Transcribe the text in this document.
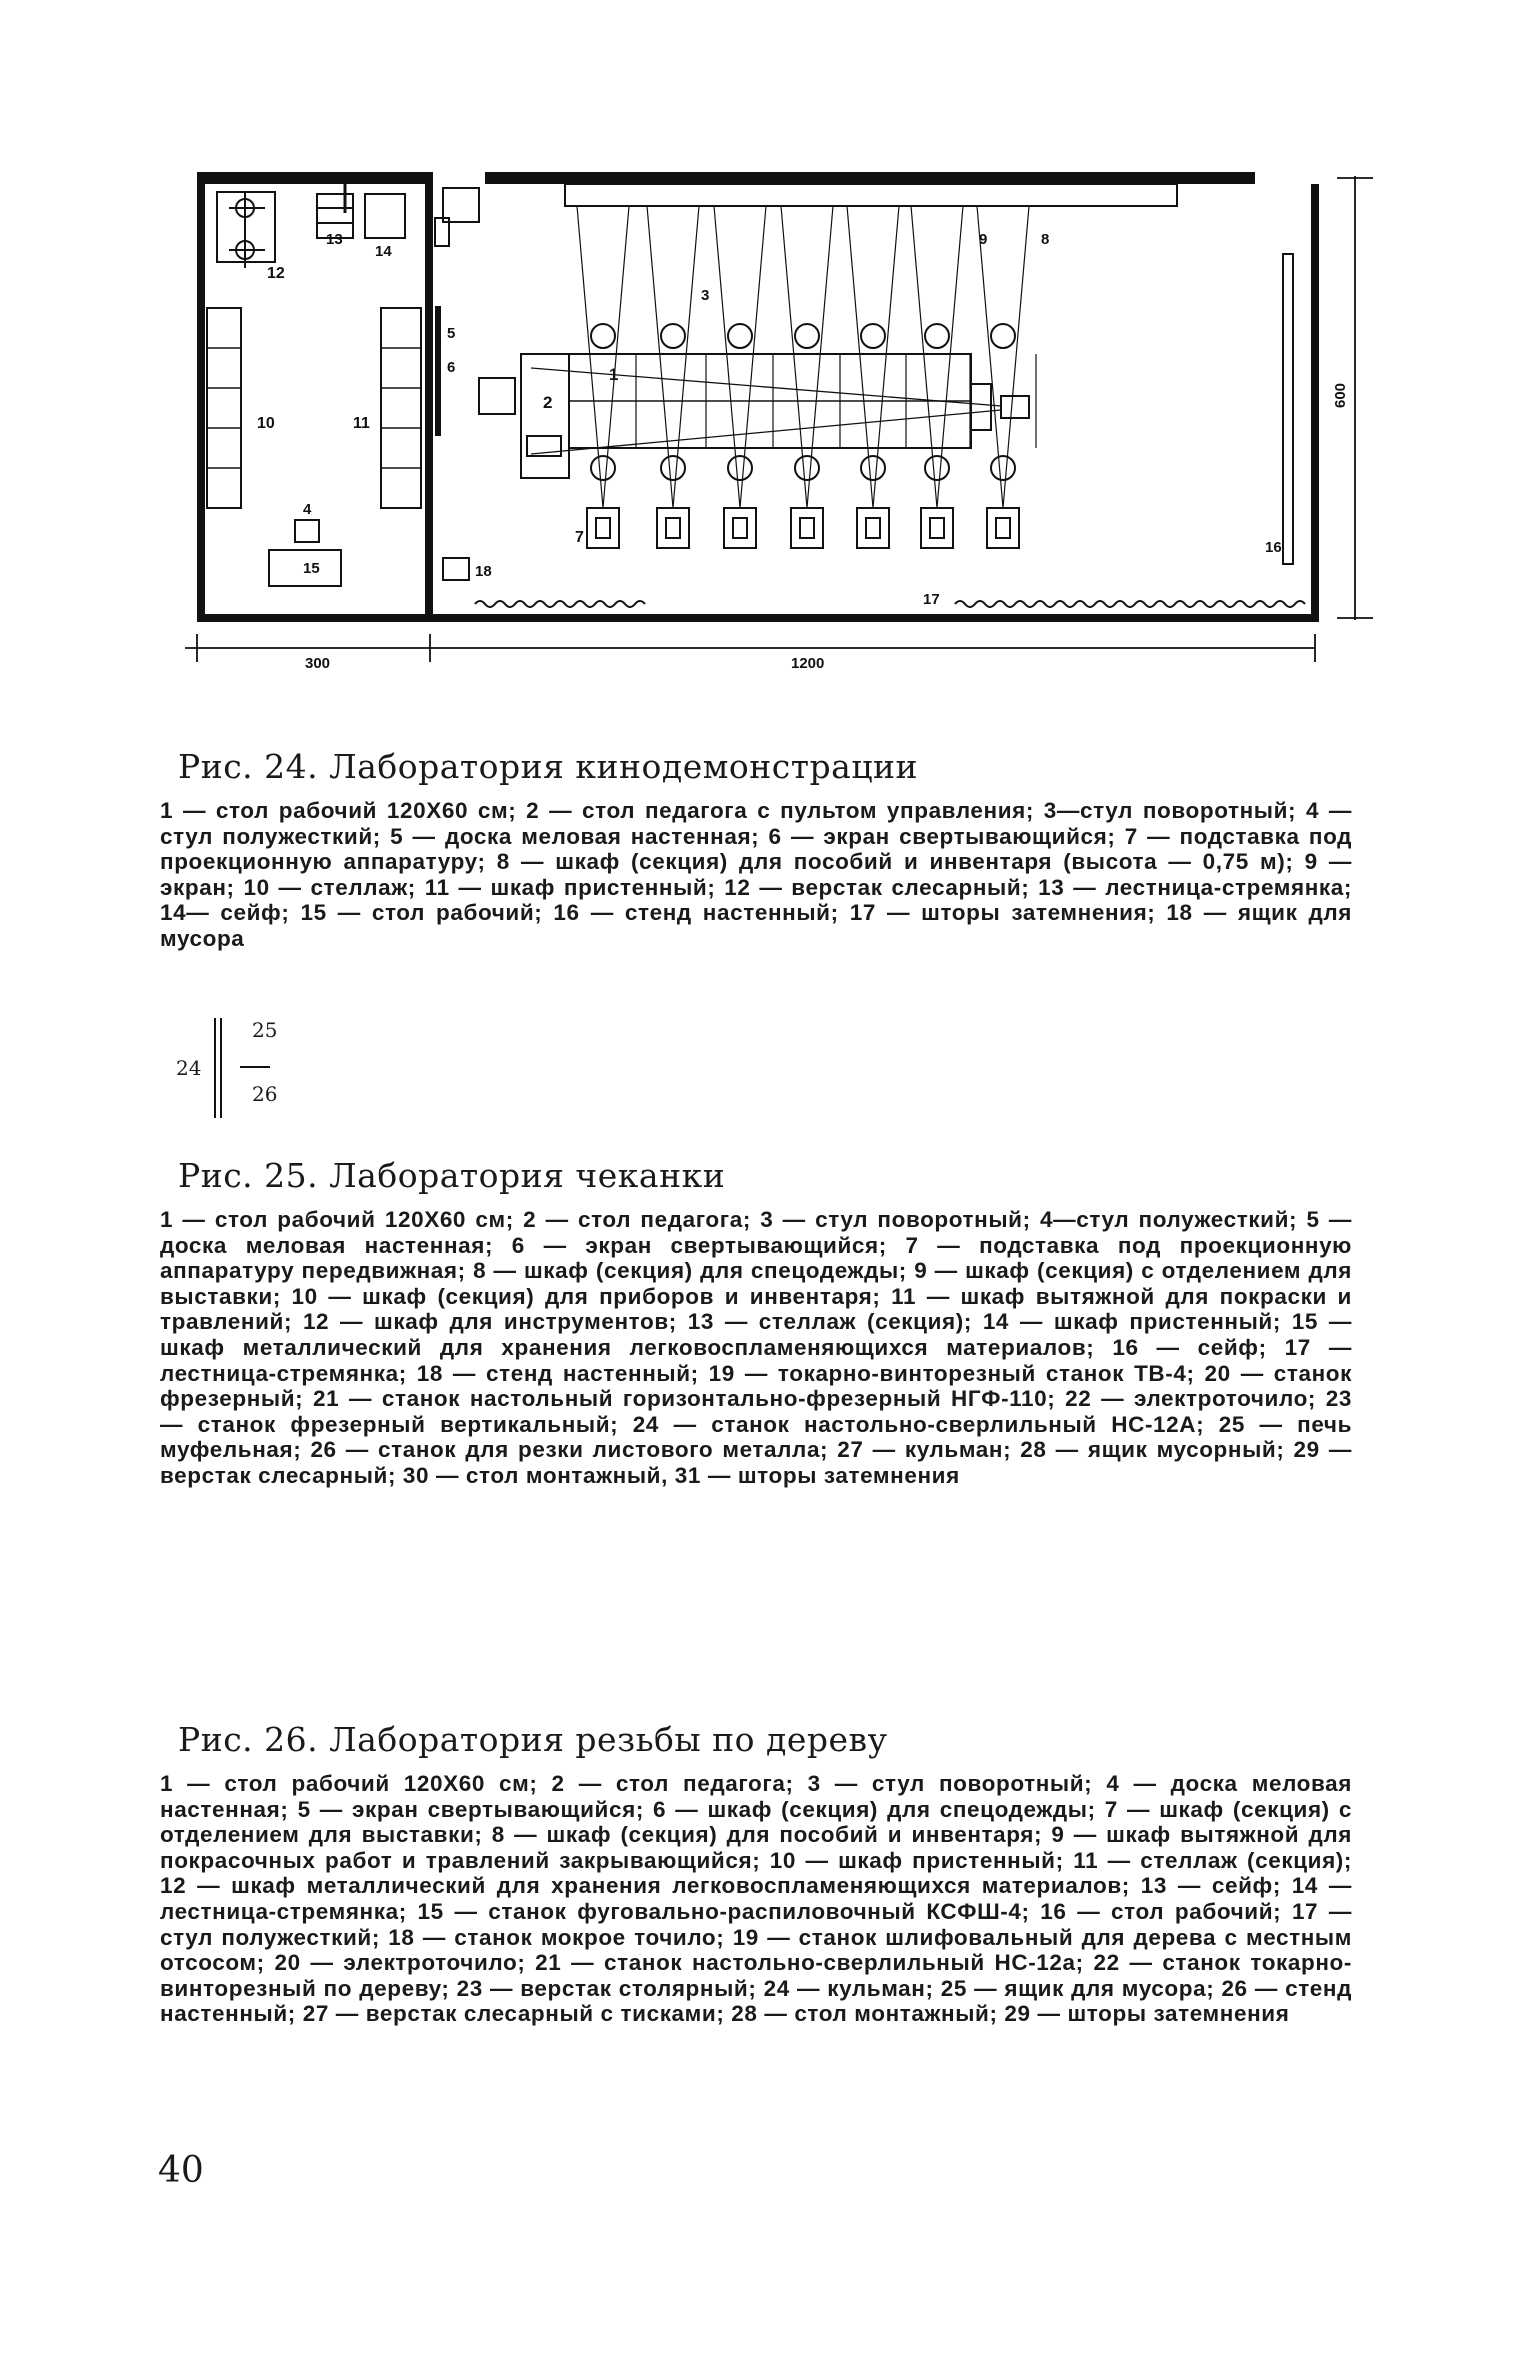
12
13
14
10	11
4
15
5
6
2
1
3
9	8
7
18
16
17
300	1200
600

Рис. 24. Лаборатория кинодемонстрации

1 — стол рабочий 120Х60 см; 2 — стол педагога с пультом управления; 3—стул поворотный; 4 — стул полужесткий; 5 — доска меловая настенная; 6 — экран свертывающийся; 7 — подставка под проекционную аппаратуру; 8 — шкаф (секция) для пособий и инвентаря (высота — 0,75 м); 9 — экран; 10 — стеллаж; 11 — шкаф пристенный; 12 — верстак слесарный; 13 — лестница-стремянка; 14— сейф; 15 — стол рабочий; 16 — стенд настенный; 17 — шторы затемнения; 18 — ящик для мусора

24
25
26

Рис. 25. Лаборатория чеканки

1 — стол рабочий 120Х60 см; 2 — стол педагога; 3 — стул поворотный; 4—стул полужесткий; 5 — доска меловая настенная; 6 — экран свертывающийся; 7 — подставка под проекционную аппаратуру передвижная; 8 — шкаф (секция) для спецодежды; 9 — шкаф (секция) с отделением для выставки; 10 — шкаф (секция) для приборов и инвентаря; 11 — шкаф вытяжной для покраски и травлений; 12 — шкаф для инструментов; 13 — стеллаж (секция); 14 — шкаф пристенный; 15 — шкаф металлический для хранения легковоспламеняющихся материалов; 16 — сейф; 17 — лестница-стремянка; 18 — стенд настенный; 19 — токарно-винторезный станок ТВ-4; 20 — станок фрезерный; 21 — станок настольный горизонтально-фрезерный НГФ-110; 22 — электроточило; 23 — станок фрезерный вертикальный; 24 — станок настольно-сверлильный НС-12А; 25 — печь муфельная; 26 — станок для резки листового металла; 27 — кульман; 28 — ящик мусорный; 29 — верстак слесарный; 30 — стол монтажный, 31 — шторы затемнения

Рис. 26. Лаборатория резьбы по дереву

1 — стол рабочий 120Х60 см; 2 — стол педагога; 3 — стул поворотный; 4 — доска меловая настенная; 5 — экран свертывающийся; 6 — шкаф (секция) для спецодежды; 7 — шкаф (секция) с отделением для выставки; 8 — шкаф (секция) для пособий и инвентаря; 9 — шкаф вытяжной для покрасочных работ и травлений закрывающийся; 10 — шкаф пристенный; 11 — стеллаж (секция); 12 — шкаф металлический для хранения легковоспламеняющихся материалов; 13 — сейф; 14 — лестница-стремянка; 15 — станок фуговально-распиловочный КСФШ-4; 16 — стол рабочий; 17 — стул полужесткий; 18 — станок мокрое точило; 19 — станок шлифовальный для дерева с местным отсосом; 20 — электроточило; 21 — станок настольно-сверлильный НС-12а; 22 — станок токарно-винторезный по дереву; 23 — верстак столярный; 24 — кульман; 25 — ящик для мусора; 26 — стенд настенный; 27 — верстак слесарный с тисками; 28 — стол монтажный; 29 — шторы затемнения

40
